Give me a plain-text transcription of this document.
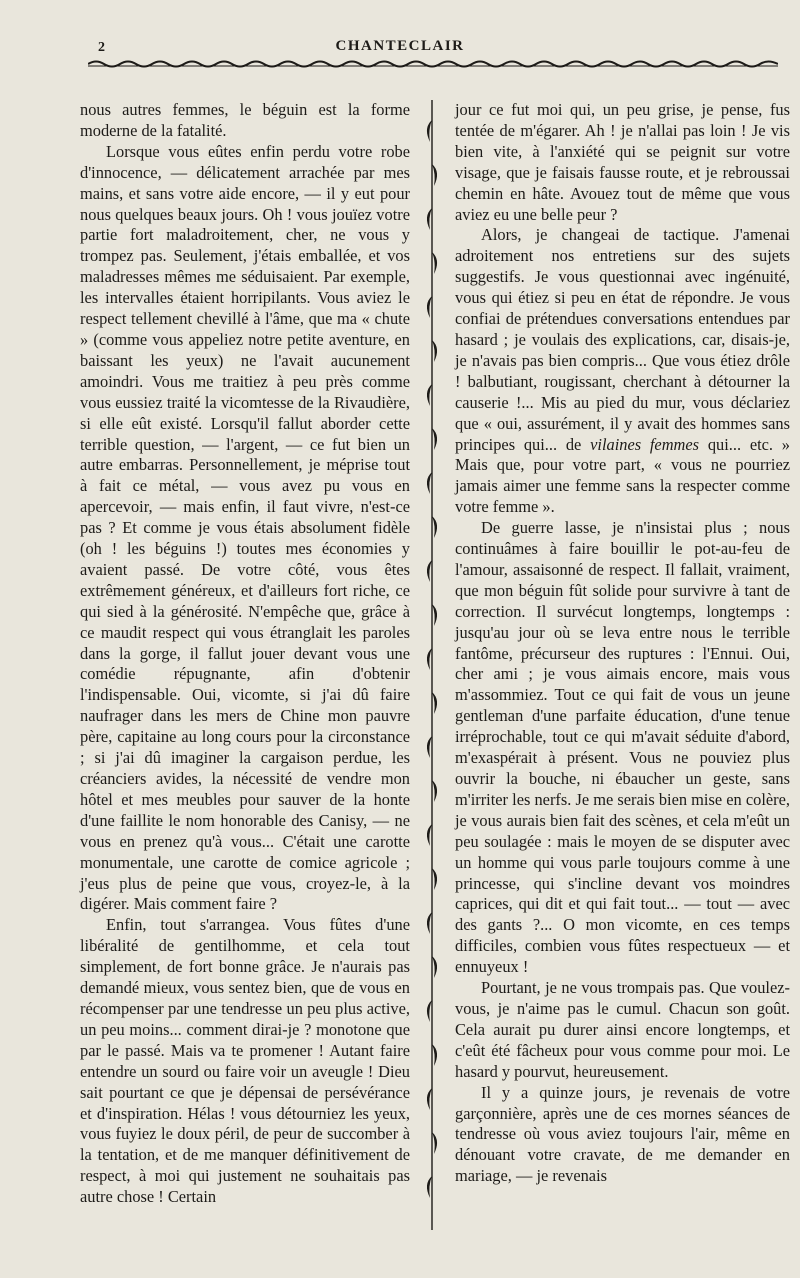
2	CHANTECLAIR

nous autres femmes, le béguin est la forme moderne de la fatalité.

Lorsque vous eûtes enfin perdu votre robe d'innocence, — délicatement arrachée par mes mains, et sans votre aide encore, — il y eut pour nous quelques beaux jours. Oh ! vous jouïez votre partie fort maladroitement, cher, ne vous y trompez pas. Seulement, j'étais emballée, et vos maladresses mêmes me séduisaient. Par exemple, les intervalles étaient horripilants. Vous aviez le respect tellement chevillé à l'âme, que ma « chute » (comme vous appeliez notre petite aventure, en baissant les yeux) ne l'avait aucunement amoindri. Vous me traitiez à peu près comme vous eussiez traité la vicomtesse de la Rivaudière, si elle eût existé. Lorsqu'il fallut aborder cette terrible question, — l'argent, — ce fut bien un autre embarras. Personnellement, je méprise tout à fait ce métal, — vous avez pu vous en apercevoir, — mais enfin, il faut vivre, n'est-ce pas ? Et comme je vous étais absolument fidèle (oh ! les béguins !) toutes mes économies y avaient passé. De votre côté, vous êtes extrêmement généreux, et d'ailleurs fort riche, ce qui sied à la générosité. N'empêche que, grâce à ce maudit respect qui vous étranglait les paroles dans la gorge, il fallut jouer devant vous une comédie répugnante, afin d'obtenir l'indispensable. Oui, vicomte, si j'ai dû faire naufrager dans les mers de Chine mon pauvre père, capitaine au long cours pour la circonstance ; si j'ai dû imaginer la cargaison perdue, les créanciers avides, la nécessité de vendre mon hôtel et mes meubles pour sauver de la honte d'une faillite le nom honorable des Canisy, — ne vous en prenez qu'à vous... C'était une carotte monumentale, une carotte de comice agricole ; j'eus plus de peine que vous, croyez-le, à la digérer. Mais comment faire ?

Enfin, tout s'arrangea. Vous fûtes d'une libéralité de gentilhomme, et cela tout simplement, de fort bonne grâce. Je n'aurais pas demandé mieux, vous sentez bien, que de vous en récompenser par une tendresse un peu plus active, un peu moins... comment dirai-je ? monotone que par le passé. Mais va te promener ! Autant faire entendre un sourd ou faire voir un aveugle ! Dieu sait pourtant ce que je dépensai de persévérance et d'inspiration. Hélas ! vous détourniez les yeux, vous fuyiez le doux péril, de peur de succomber à la tentation, et de me manquer définitivement de respect, à moi qui justement ne souhaitais pas autre chose ! Certain

jour ce fut moi qui, un peu grise, je pense, fus tentée de m'égarer. Ah ! je n'allai pas loin ! Je vis bien vite, à l'anxiété qui se peignit sur votre visage, que je faisais fausse route, et je rebroussai chemin en hâte. Avouez tout de même que vous aviez eu une belle peur ?

Alors, je changeai de tactique. J'amenai adroitement nos entretiens sur des sujets suggestifs. Je vous questionnai avec ingénuité, vous qui étiez si peu en état de répondre. Je vous confiai de prétendues conversations entendues par hasard ; je voulais des explications, car, disais-je, je n'avais pas bien compris... Que vous étiez drôle ! balbutiant, rougissant, cherchant à détourner la causerie !... Mis au pied du mur, vous déclariez que « oui, assurément, il y avait des hommes sans principes qui... de vilaines femmes qui... etc. » Mais que, pour votre part, « vous ne pourriez jamais aimer une femme sans la respecter comme votre femme ».

De guerre lasse, je n'insistai plus ; nous continuâmes à faire bouillir le pot-au-feu de l'amour, assaisonné de respect. Il fallait, vraiment, que mon béguin fût solide pour survivre à tant de correction. Il survécut longtemps, longtemps : jusqu'au jour où se leva entre nous le terrible fantôme, précurseur des ruptures : l'Ennui. Oui, cher ami ; je vous aimais encore, mais vous m'assommiez. Tout ce qui fait de vous un jeune gentleman d'une parfaite éducation, d'une tenue irréprochable, tout ce qui m'avait séduite d'abord, m'exaspérait à présent. Vous ne pouviez plus ouvrir la bouche, ni ébaucher un geste, sans m'irriter les nerfs. Je me serais bien mise en colère, je vous aurais bien fait des scènes, et cela m'eût un peu soulagée : mais le moyen de se disputer avec un homme qui vous parle toujours comme à une princesse, qui s'incline devant vos moindres caprices, qui dit et qui fait tout... — tout — avec des gants ?... O mon vicomte, en ces temps difficiles, combien vous fûtes respectueux — et ennuyeux !

Pourtant, je ne vous trompais pas. Que voulez-vous, je n'aime pas le cumul. Chacun son goût. Cela aurait pu durer ainsi encore longtemps, et c'eût été fâcheux pour vous comme pour moi. Le hasard y pourvut, heureusement.

Il y a quinze jours, je revenais de votre garçonnière, après une de ces mornes séances de tendresse où vous aviez toujours l'air, même en dénouant votre cravate, de me demander en mariage, — je revenais
